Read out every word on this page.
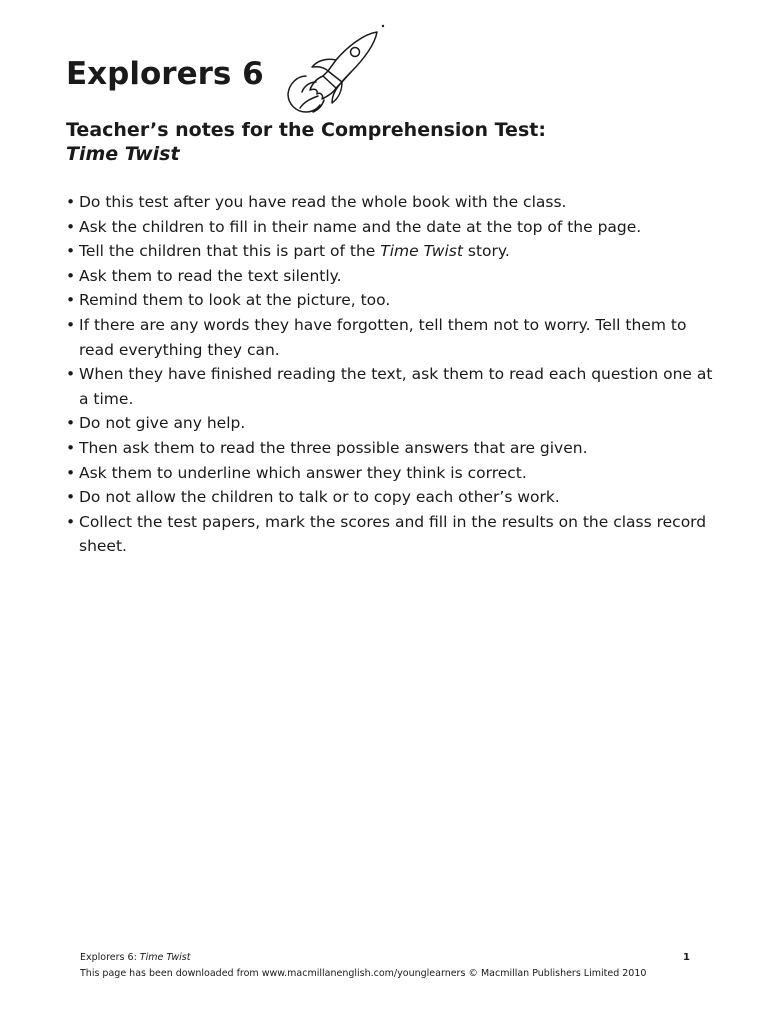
Explorers 6
Teacher’s notes for the Comprehension Test:
Time Twist
• Do this test after you have read the whole book with the class.
• Ask the children to fill in their name and the date at the top of the page.
• Tell the children that this is part of the Time Twist story.
• Ask them to read the text silently.
• Remind them to look at the picture, too.
• If there are any words they have forgotten, tell them not to worry. Tell them to read everything they can.
• When they have finished reading the text, ask them to read each question one at a time.
• Do not give any help.
• Then ask them to read the three possible answers that are given.
• Ask them to underline which answer they think is correct.
• Do not allow the children to talk or to copy each other’s work.
• Collect the test papers, mark the scores and fill in the results on the class record sheet.
Explorers 6: Time Twist	1
This page has been downloaded from www.macmillanenglish.com/younglearners © Macmillan Publishers Limited 2010
